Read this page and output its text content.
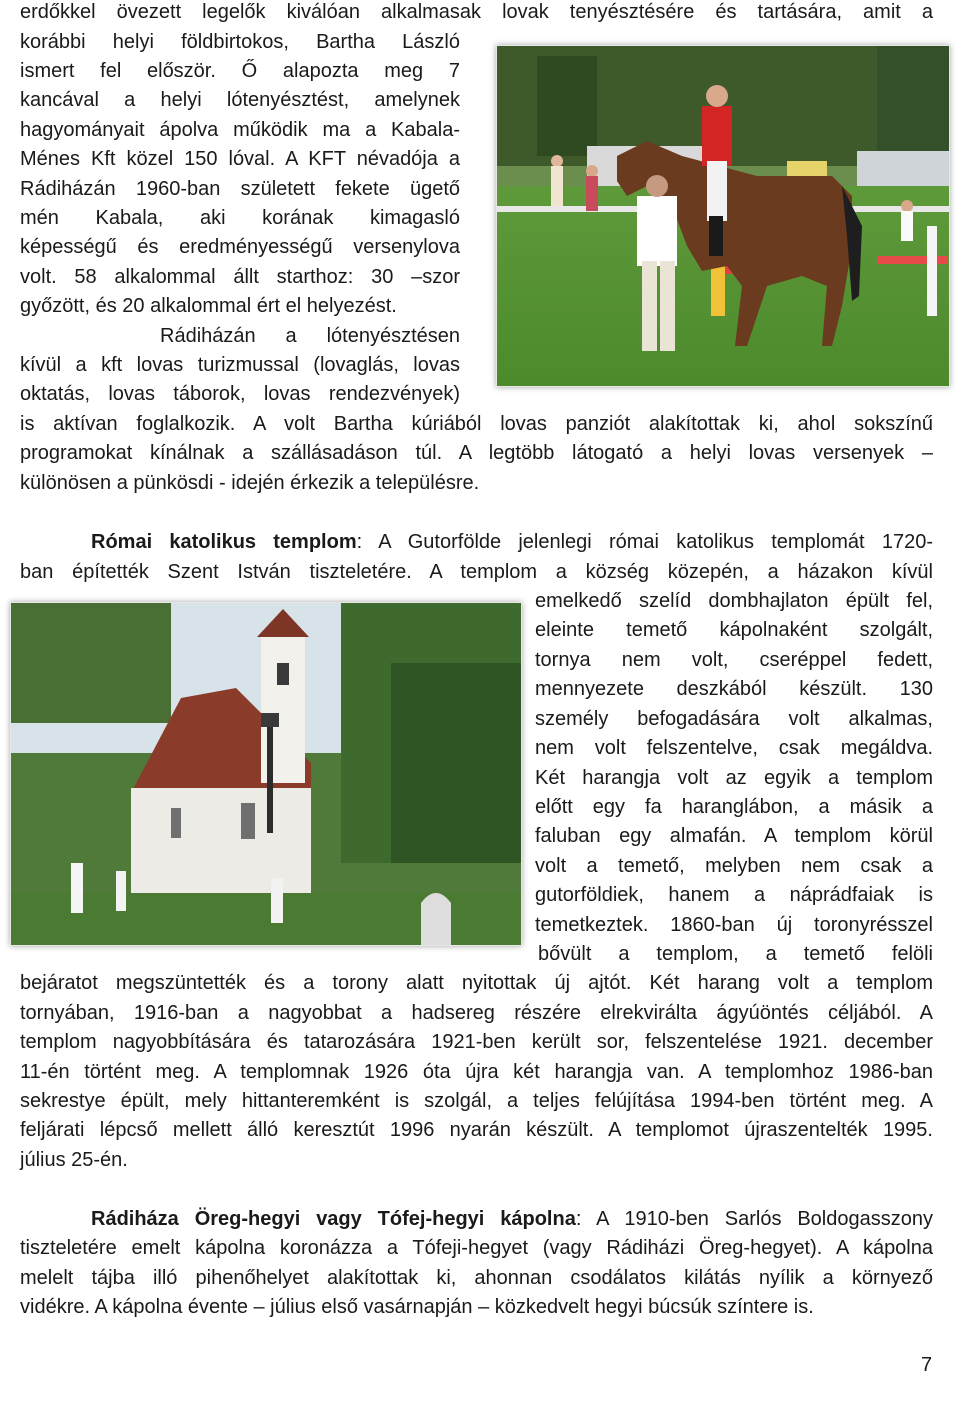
erdőkkel övezett legelők kiválóan alkalmasak lovak tenyésztésére és tartására, amit a
korábbi helyi földbirtokos, Bartha László
ismert fel először. Ő alapozta meg 7
kancával a helyi lótenyésztést, amelynek
hagyományait ápolva működik ma a Kabala-
Ménes Kft közel 150 lóval. A KFT névadója a
Rádiházán 1960-ban született fekete ügető
mén Kabala, aki korának kimagasló
képességű és eredményességű versenylova
volt. 58 alkalommal állt starthoz: 30 –szor
győzött, és 20 alkalommal ért el helyezést.
Rádiházán a lótenyésztésen
kívül a kft lovas turizmussal (lovaglás, lovas
oktatás, lovas táborok, lovas rendezvények)
is aktívan foglalkozik. A volt Bartha kúriából lovas panziót alakítottak ki, ahol sokszínű
programokat kínálnak a szállásadáson túl. A legtöbb látogató a helyi lovas versenyek –
különösen a pünkösdi - idején érkezik a településre.
Római katolikus templom: A Gutorfölde jelenlegi római katolikus templomát 1720-
ban építették Szent István tiszteletére. A templom a község közepén, a házakon kívül
emelkedő szelíd dombhajlaton épült fel,
eleinte temető kápolnaként szolgált,
tornya nem volt, cseréppel fedett,
mennyezete deszkából készült. 130
személy befogadására volt alkalmas,
nem volt felszentelve, csak megáldva.
Két harangja volt az egyik a templom
előtt egy fa haranglábon, a másik a
faluban egy almafán. A templom körül
volt a temető, melyben nem csak a
gutorföldiek, hanem a náprádfaiak is
temetkeztek. 1860-ban új toronyrésszel
bővült a templom, a temető felöli
bejáratot megszüntették és a torony alatt nyitottak új ajtót. Két harang volt a templom
tornyában, 1916-ban a nagyobbat a hadsereg részére elrekvirálta ágyúöntés céljából. A
templom nagyobbítására és tatarozására 1921-ben került sor, felszentelése 1921. december
11-én történt meg. A templomnak 1926 óta újra két harangja van. A templomhoz 1986-ban
sekrestye épült, mely hittanteremként is szolgál, a teljes felújítása 1994-ben történt meg. A
feljárati lépcső mellett álló keresztút 1996 nyarán készült. A templomot újraszentelték 1995.
július 25-én.
Rádiháza Öreg-hegyi vagy Tófej-hegyi kápolna: A 1910-ben Sarlós Boldogasszony
tiszteletére emelt kápolna koronázza a Tófeji-hegyet (vagy Rádiházi Öreg-hegyet). A kápolna
melelt tájba illó pihenőhelyet alakítottak ki, ahonnan csodálatos kilátás nyílik a környező
vidékre. A kápolna évente – július első vasárnapján – közkedvelt hegyi búcsúk színtere is.
7
